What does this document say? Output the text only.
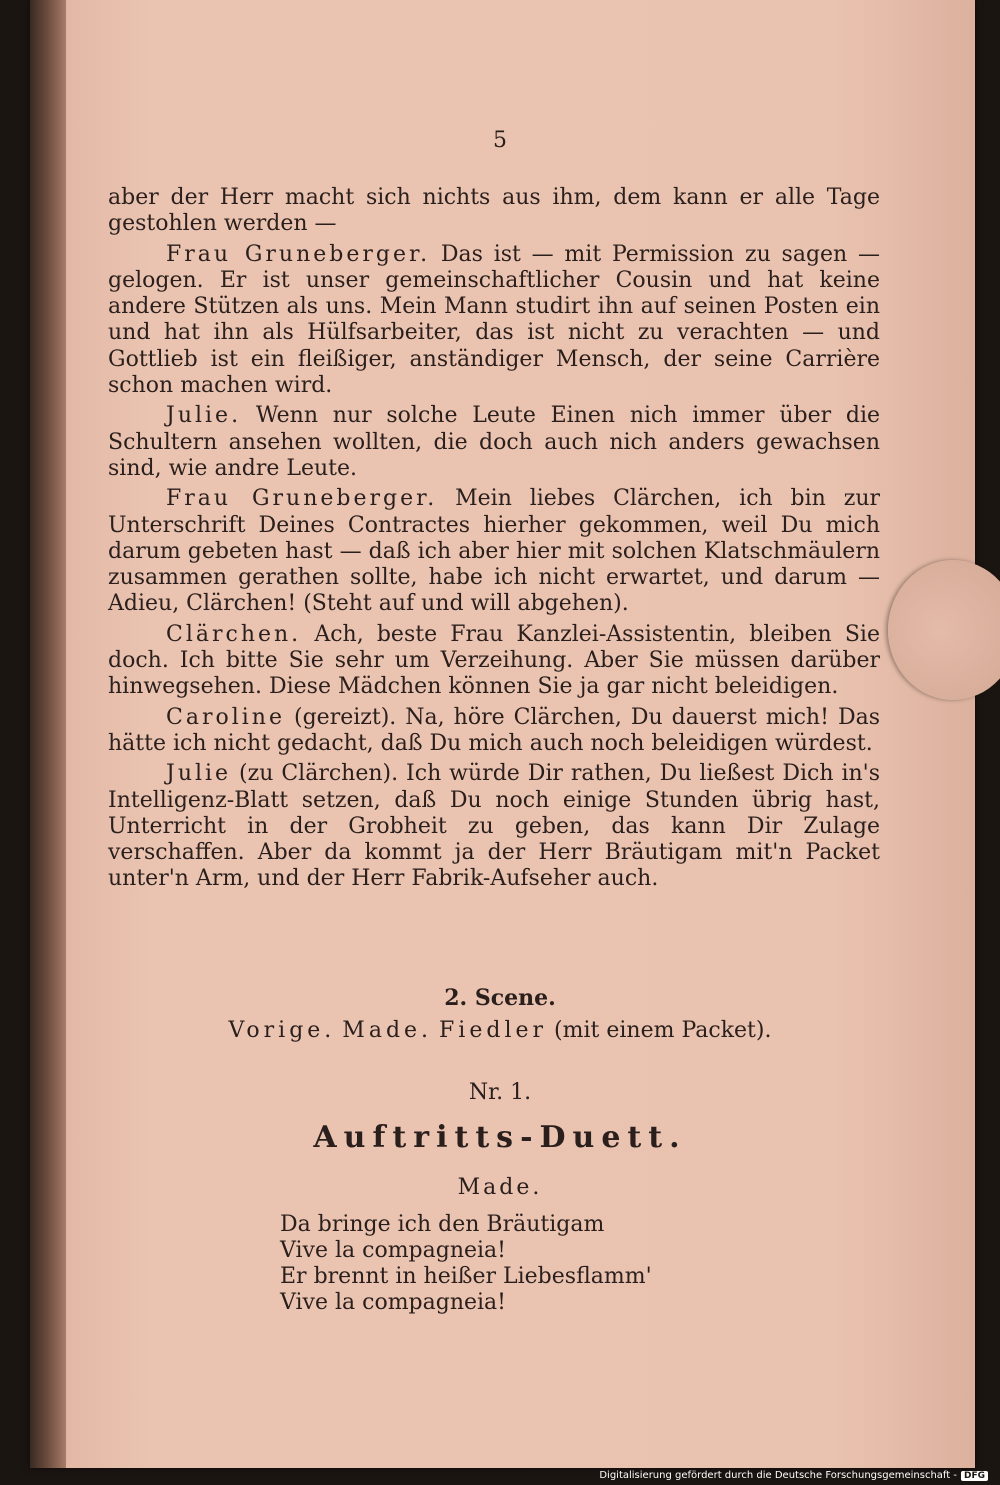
5

aber der Herr macht sich nichts aus ihm, dem kann er alle Tage gestohlen werden —

Frau Gruneberger. Das ist — mit Permission zu sagen — gelogen. Er ist unser gemeinschaftlicher Cousin und hat keine andere Stützen als uns. Mein Mann studirt ihn auf seinen Posten ein und hat ihn als Hülfsarbeiter, das ist nicht zu verachten — und Gottlieb ist ein fleißiger, anständiger Mensch, der seine Carrière schon machen wird.

Julie. Wenn nur solche Leute Einen nich immer über die Schultern ansehen wollten, die doch auch nich anders gewachsen sind, wie andre Leute.

Frau Gruneberger. Mein liebes Clärchen, ich bin zur Unterschrift Deines Contractes hierher gekommen, weil Du mich darum gebeten hast — daß ich aber hier mit solchen Klatschmäulern zusammen gerathen sollte, habe ich nicht erwartet, und darum — Adieu, Clärchen! (Steht auf und will abgehen).

Clärchen. Ach, beste Frau Kanzlei-Assistentin, bleiben Sie doch. Ich bitte Sie sehr um Verzeihung. Aber Sie müssen darüber hinwegsehen. Diese Mädchen können Sie ja gar nicht beleidigen.

Caroline (gereizt). Na, höre Clärchen, Du dauerst mich! Das hätte ich nicht gedacht, daß Du mich auch noch beleidigen würdest.

Julie (zu Clärchen). Ich würde Dir rathen, Du ließest Dich in's Intelligenz-Blatt setzen, daß Du noch einige Stunden übrig hast, Unterricht in der Grobheit zu geben, das kann Dir Zulage verschaffen. Aber da kommt ja der Herr Bräutigam mit'n Packet unter'n Arm, und der Herr Fabrik-Aufseher auch.

2. Scene.
Vorige. Made. Fiedler (mit einem Packet).
Nr. 1.
Auftritts-Duett.
Made.
Da bringe ich den Bräutigam
Vive la compagneia!
Er brennt in heißer Liebesflamm'
Vive la compagneia!
Digitalisierung gefördert durch die Deutsche Forschungsgemeinschaft - DFG
